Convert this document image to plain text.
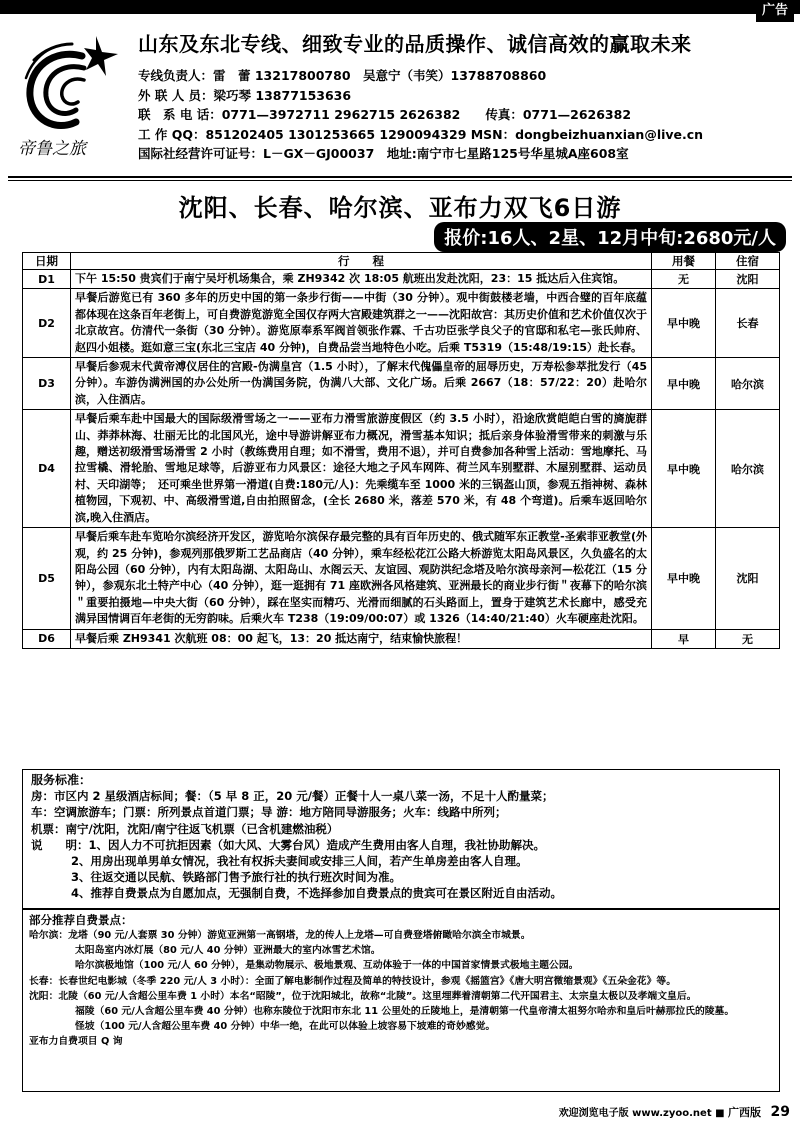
广告
帝鲁之旅
山东及东北专线、细致专业的品质操作、诚信高效的赢取未来
专线负责人：雷　蕾 13217800780　吴意宁（韦笑）13788708860
外 联 人 员：梁巧琴 13877153636
联　系 电 话：0771—3972711 2962715 2626382　　传真：0771—2626382
工 作 QQ：851202405 1301253665 1290094329 MSN：dongbeizhuanxian@live.cn
国际社经营许可证号：L－GX－GJ00037　地址:南宁市七星路125号华星城A座608室
沈阳、长春、哈尔滨、亚布力双飞6日游
报价:16人、2星、12月中旬:2680元/人
日期	行　　程	用餐	住宿
D1	下午 15:50 贵宾们于南宁吴圩机场集合，乘 ZH9342 次 18:05 航班出发赴沈阳，23：15 抵达后入住宾馆。	无	沈阳
D2	早餐后游览已有 360 多年的历史中国的第一条步行街——中街（30 分钟）。观中街鼓楼老墙，中西合璧的百年底蕴都体现在这条百年老街上，可自费游览游览全国仅存两大宫殿建筑群之一——沈阳故宫：其历史价值和艺术价值仅次于北京故宫。仿清代一条街（30 分钟）。游览原奉系军阀首领张作霖、千古功臣张学良父子的官邸和私宅—张氏帅府、赵四小姐楼。逛如意三宝(东北三宝店 40 分钟)，自费品尝当地特色小吃。后乘 T5319（15:48/19:15）赴长春。	早中晚	长春
D3	早餐后参观末代黄帝溥仪居住的宫殿-伪满皇宫（1.5 小时），了解末代傀儡皇帝的屈辱历史，万寿松参萃批发行（45 分钟）。车游伪满洲国的办公处所一伪满国务院，伪满八大部、文化广场。后乘 2667（18：57/22：20）赴哈尔滨，入住酒店。	早中晚	哈尔滨
D4	早餐后乘车赴中国最大的国际级滑雪场之一——亚布力滑雪旅游度假区（约 3.5 小时），沿途欣赏皑皑白雪的旖旎群山、莽莽林海、壮丽无比的北国风光，途中导游讲解亚布力概况，滑雪基本知识；抵后亲身体验滑雪带来的刺激与乐趣，赠送初级滑雪场滑雪 2 小时（教练费用自理；如不滑雪，费用不退），并可自费参加各种雪上活动：雪地摩托、马拉雪橇、滑轮胎、雪地足球等，后游亚布力风景区：途径大地之子风车网阵、荷兰风车别墅群、木屋别墅群、运动员村、天印湖等；　还可乘坐世界第一滑道(自费:180元/人)：先乘缆车至 1000 米的三锅盔山顶，参观五指神树、森林植物园，下观初、中、高级滑雪道,自由拍照留念，(全长 2680 米，落差 570 米，有 48 个弯道)。后乘车返回哈尔滨,晚入住酒店。	早中晚	哈尔滨
D5	早餐后乘车赴车览哈尔滨经济开发区，游览哈尔滨保存最完整的具有百年历史的、俄式随军东正教堂-圣索菲亚教堂(外观，约 25 分钟)，参观列那俄罗斯工艺品商店（40 分钟），乘车经松花江公路大桥游览太阳岛风景区，久负盛名的太阳岛公园（60 分钟），内有太阳岛湖、太阳岛山、水阁云天、友谊园、观防洪纪念塔及哈尔滨母亲河—松花江（15 分钟），参观东北土特产中心（40 分钟），逛一逛拥有 71 座欧洲各风格建筑、亚洲最长的商业步行街＂夜幕下的哈尔滨＂重要拍摄地—中央大街（60 分钟），踩在坚实而精巧、光滑而细腻的石头路面上，置身于建筑艺术长廊中，感受充满异国情调百年老街的无穷韵味。后乘火车 T238（19:09/00:07）或 1326（14:40/21:40）火车硬座赴沈阳。	早中晚	沈阳
D6	早餐后乘 ZH9341 次航班 08：00 起飞，13：20 抵达南宁，结束愉快旅程！	早	无
服务标准：
房：市区内 2 星级酒店标间；餐：（5 早 8 正，20 元/餐）正餐十人一桌八菜一汤，不足十人酌量菜；
车：空调旅游车；门票：所列景点首道门票；导 游：地方陪同导游服务；火车：线路中所列；
机票：南宁/沈阳，沈阳/南宁往返飞机票（已含机建燃油税）
说　　明：1、因人力不可抗拒因素（如大风、大雾台风）造成产生费用由客人自理，我社协助解决。
2、用房出现单男单女情况，我社有权拆夫妻间或安排三人间，若产生单房差由客人自理。
3、往返交通以民航、铁路部门售予旅行社的执行班次时间为准。
4、推荐自费景点为自愿加点，无强制自费，不选择参加自费景点的贵宾可在景区附近自由活动。
部分推荐自费景点：
哈尔滨：龙塔（90 元/人套票 30 分钟）游览亚洲第一高钢塔，龙的传人上龙塔—可自费登塔俯瞰哈尔滨全市城景。
太阳岛室内冰灯展（80 元/人 40 分钟）亚洲最大的室内冰雪艺术馆。
哈尔滨极地馆（100 元/人 60 分钟），是集动物展示、极地景观、互动体验于一体的中国首家情景式极地主题公园。
长春：长春世纪电影城（冬季 220 元/人 3 小时）：全面了解电影制作过程及简单的特技设计，参观《摇篮宫》《唐大明宫微缩景观》《五朵金花》等。
沈阳：北陵（60 元/人含超公里车费 1 小时）本名“昭陵”，位于沈阳城北，故称“北陵”。这里埋葬着清朝第二代开国君主、太宗皇太极以及孝端文皇后。
福陵（60 元/人含超公里车费 40 分钟）也称东陵位于沈阳市东北 11 公里处的丘陵地上，是清朝第一代皇帝清太祖努尔哈赤和皇后叶赫那拉氏的陵墓。
怪坡（100 元/人含超公里车费 40 分钟）中华一绝，在此可以体验上坡容易下坡难的奇妙感觉。
亚布力自费项目 Q 询
欢迎浏览电子版 www.zyoo.net ■ 广西版 29
